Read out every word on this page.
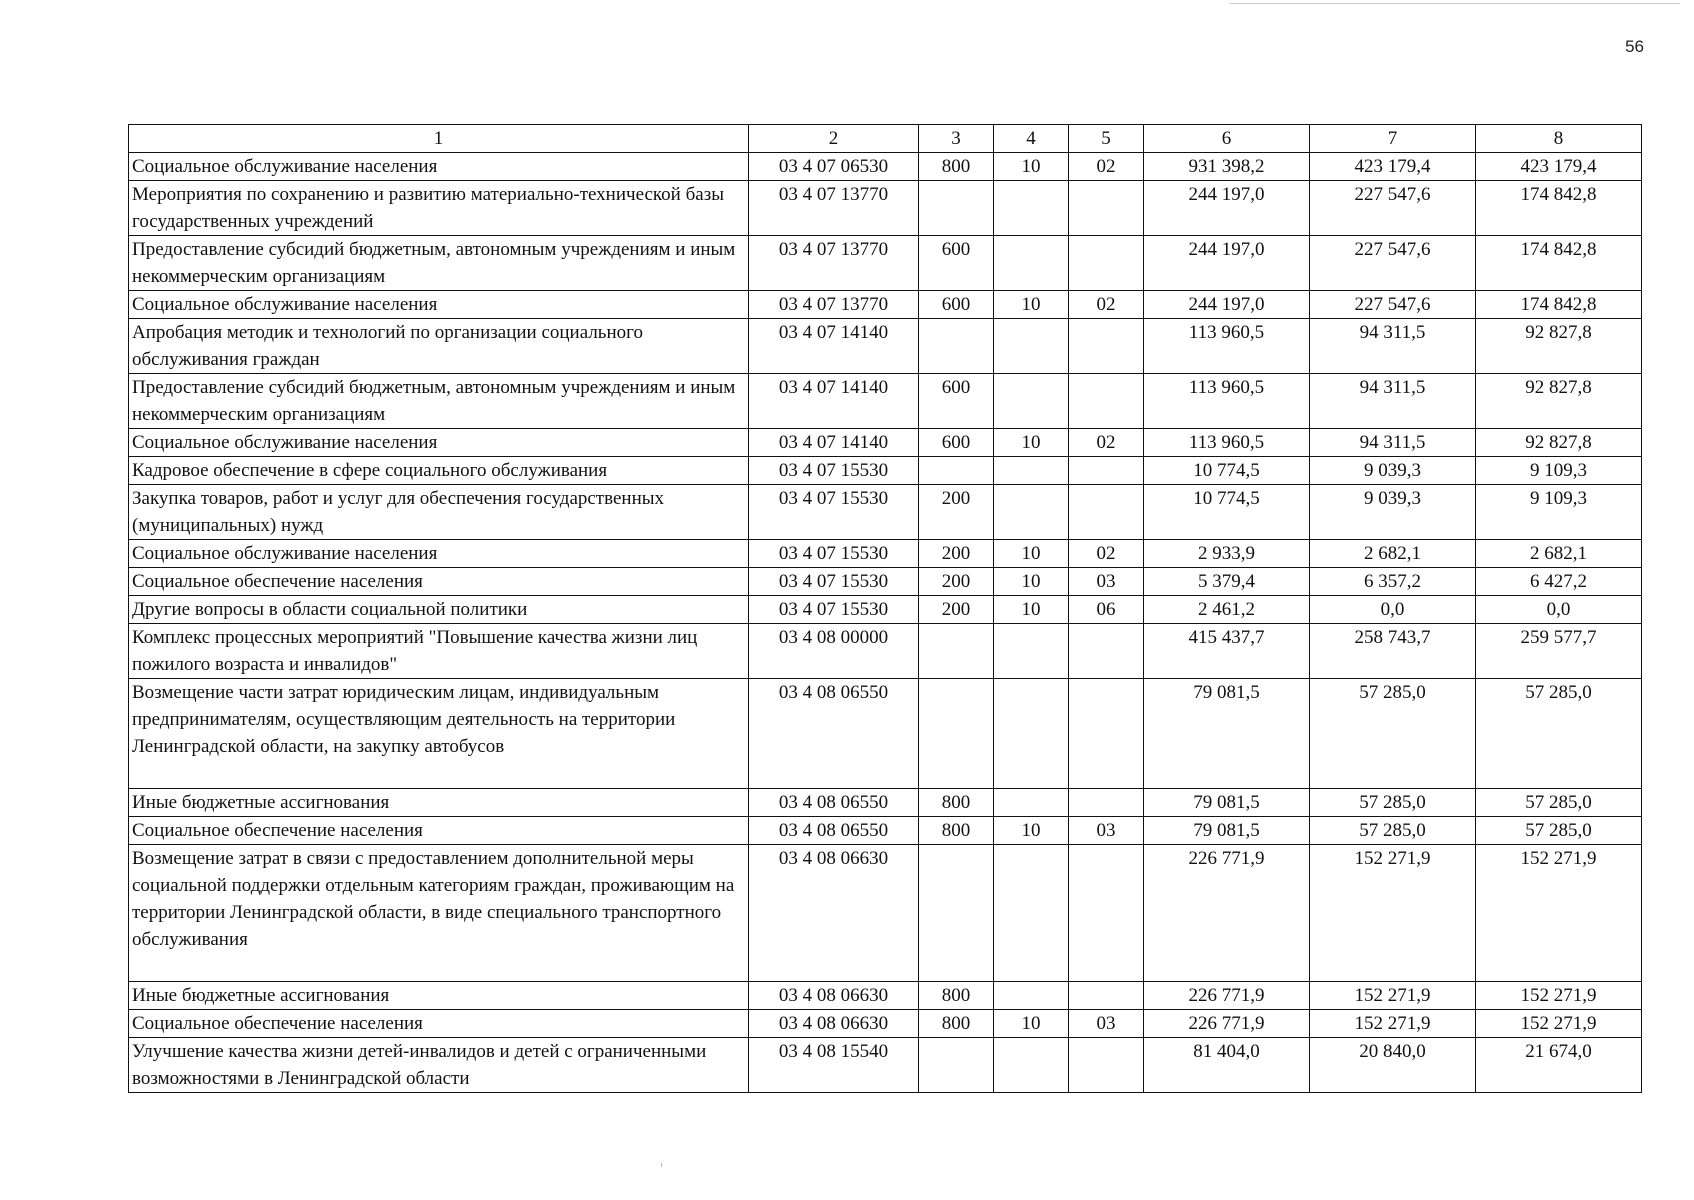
56
1	2	3	4	5	6	7	8
Социальное обслуживание населения	03 4 07 06530	800	10	02	931 398,2	423 179,4	423 179,4
Мероприятия по сохранению и развитию материально-технической базы государственных учреждений	03 4 07 13770				244 197,0	227 547,6	174 842,8
Предоставление субсидий бюджетным, автономным учреждениям и иным некоммерческим организациям	03 4 07 13770	600			244 197,0	227 547,6	174 842,8
Социальное обслуживание населения	03 4 07 13770	600	10	02	244 197,0	227 547,6	174 842,8
Апробация методик и технологий по организации социального обслуживания граждан	03 4 07 14140				113 960,5	94 311,5	92 827,8
Предоставление субсидий бюджетным, автономным учреждениям и иным некоммерческим организациям	03 4 07 14140	600			113 960,5	94 311,5	92 827,8
Социальное обслуживание населения	03 4 07 14140	600	10	02	113 960,5	94 311,5	92 827,8
Кадровое обеспечение в сфере социального обслуживания	03 4 07 15530				10 774,5	9 039,3	9 109,3
Закупка товаров, работ и услуг для обеспечения государственных (муниципальных) нужд	03 4 07 15530	200			10 774,5	9 039,3	9 109,3
Социальное обслуживание населения	03 4 07 15530	200	10	02	2 933,9	2 682,1	2 682,1
Социальное обеспечение населения	03 4 07 15530	200	10	03	5 379,4	6 357,2	6 427,2
Другие вопросы в области социальной политики	03 4 07 15530	200	10	06	2 461,2	0,0	0,0
Комплекс процессных мероприятий "Повышение качества жизни лиц пожилого возраста и инвалидов"	03 4 08 00000				415 437,7	258 743,7	259 577,7
Возмещение части затрат юридическим лицам, индивидуальным предпринимателям, осуществляющим деятельность на территории Ленинградской области, на закупку автобусов	03 4 08 06550				79 081,5	57 285,0	57 285,0
Иные бюджетные ассигнования	03 4 08 06550	800			79 081,5	57 285,0	57 285,0
Социальное обеспечение населения	03 4 08 06550	800	10	03	79 081,5	57 285,0	57 285,0
Возмещение затрат в связи с предоставлением дополнительной меры социальной поддержки отдельным категориям граждан, проживающим на территории Ленинградской области, в виде специального транспортного обслуживания	03 4 08 06630				226 771,9	152 271,9	152 271,9
Иные бюджетные ассигнования	03 4 08 06630	800			226 771,9	152 271,9	152 271,9
Социальное обеспечение населения	03 4 08 06630	800	10	03	226 771,9	152 271,9	152 271,9
Улучшение качества жизни детей-инвалидов и детей с ограниченными возможностями в Ленинградской области	03 4 08 15540				81 404,0	20 840,0	21 674,0
